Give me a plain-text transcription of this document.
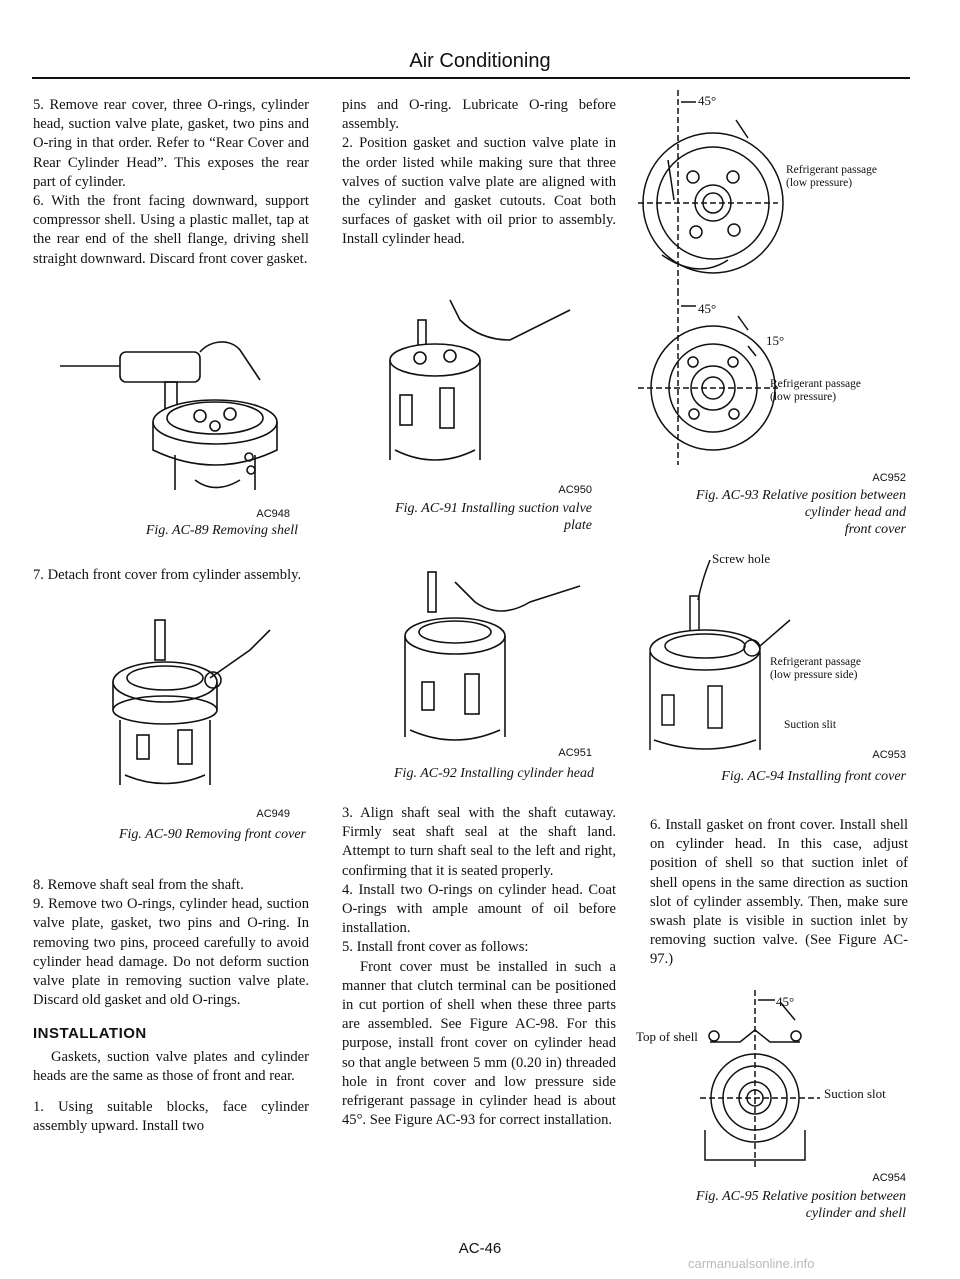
Air Conditioning

5. Remove rear cover, three O-rings, cylinder head, suction valve plate, gasket, two pins and O-ring in that order. Refer to “Rear Cover and Rear Cylinder Head”. This exposes the rear part of cylinder.

6. With the front facing downward, support compressor shell. Using a plastic mallet, tap at the rear end of the shell flange, driving shell straight downward. Discard front cover gasket.

AC948
Fig. AC-89 Removing shell

7. Detach front cover from cylinder assembly.

AC949
Fig. AC-90 Removing front cover

8. Remove shaft seal from the shaft.

9. Remove two O-rings, cylinder head, suction valve plate, gasket, two pins and O-ring. In removing two pins, proceed carefully to avoid cylinder head damage. Do not deform suction valve plate in removing suction valve plate. Discard old gasket and old O-rings.

INSTALLATION

Gaskets, suction valve plates and cylinder heads are the same as those of front and rear.

1. Using suitable blocks, face cylinder assembly upward. Install two

pins and O-ring. Lubricate O-ring before assembly.

2. Position gasket and suction valve plate in the order listed while making sure that three valves of suction valve plate are aligned with the cylinder and gasket cutouts. Coat both surfaces of gasket with oil prior to assembly. Install cylinder head.

AC950
Fig. AC-91 Installing suction valve
plate
AC951
Fig. AC-92 Installing cylinder head

3. Align shaft seal with the shaft cutaway. Firmly seat shaft seal at the shaft land. Attempt to turn shaft seal to the left and right, confirming that it is seated properly.

4. Install two O-rings on cylinder head. Coat O-rings with ample amount of oil before installation.

5. Install front cover as follows:

Front cover must be installed in such a manner that clutch terminal can be positioned in cut portion of shell when these three parts are assembled. See Figure AC-98. For this purpose, install front cover on cylinder head so that angle between 5 mm (0.20 in) threaded hole in front cover and low pressure side refrigerant passage in cylinder head is about 45°. See Figure AC-93 for correct installation.

45°
Refrigerant passage
(low pressure)
45°
15°
Refrigerant passage
(low pressure)
AC952
Fig. AC-93 Relative position between
cylinder head and
front cover
Screw hole
Refrigerant passage
(low pressure side)
Suction slit
AC953
Fig. AC-94 Installing front cover

6. Install gasket on front cover. Install shell on cylinder head. In this case, adjust position of shell so that suction inlet of shell opens in the same direction as suction slot of cylinder assembly. Then, make sure swash plate is visible in suction inlet by removing suction valve. (See Figure AC-97.)

Top of shell
45°
Suction slot
AC954
Fig. AC-95 Relative position between
cylinder and shell
AC-46
carmanualsonline.info
